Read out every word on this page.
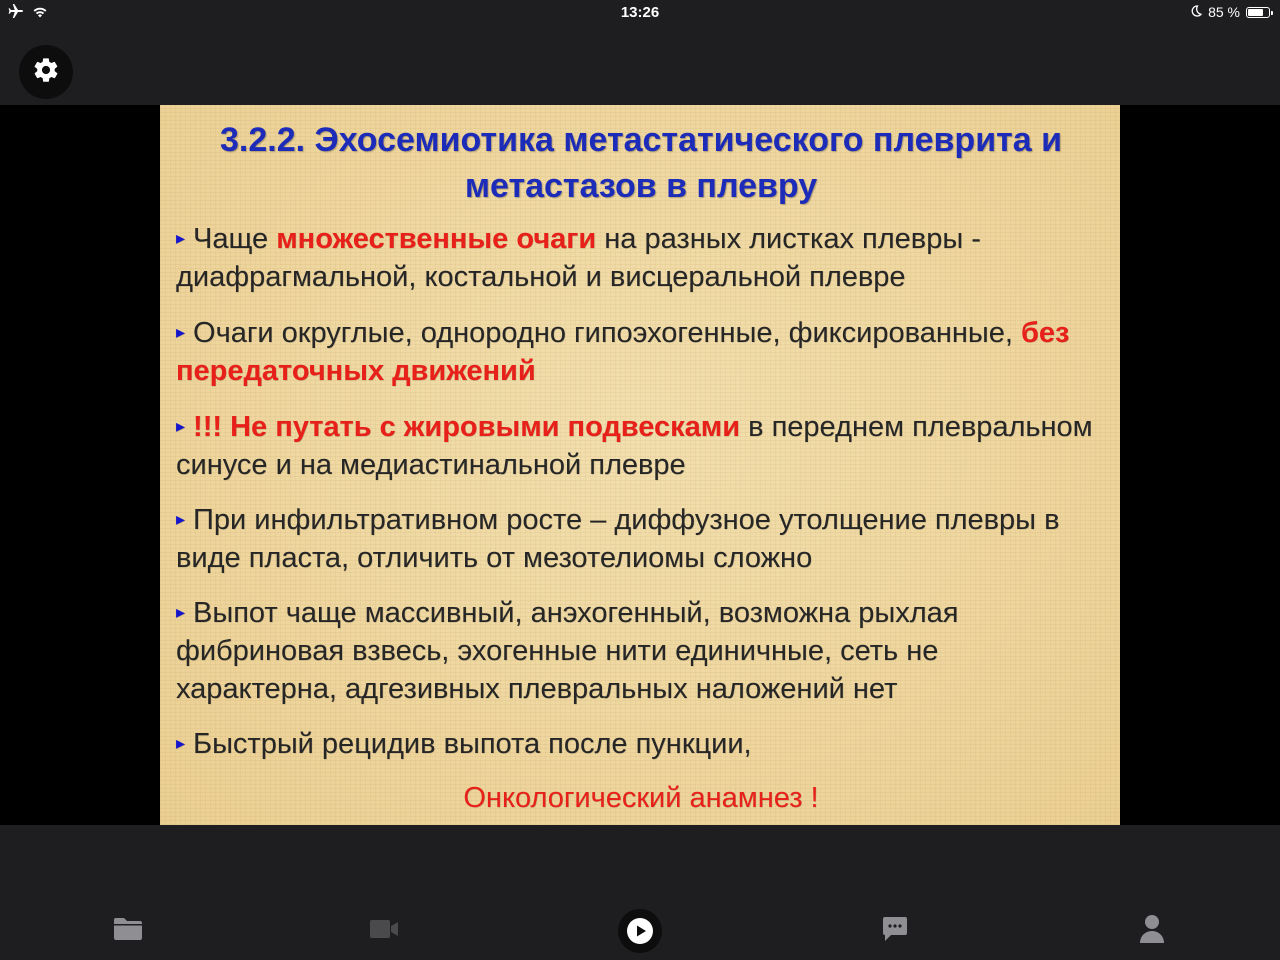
13:26	85 %
3.2.2. Эхосемиотика метастатического плеврита и
метастазов в плевру

▸ Чаще множественные очаги на разных листках плевры - диафрагмальной, костальной и висцеральной плевре

▸ Очаги округлые, однородно гипоэхогенные, фиксированные, без передаточных движений

▸ !!! Не путать с жировыми подвесками в переднем плевральном синусе и на медиастинальной плевре

▸ При инфильтративном росте – диффузное утолщение плевры в виде пласта, отличить от мезотелиомы сложно

▸ Выпот чаще массивный, анэхогенный, возможна рыхлая фибриновая взвесь, эхогенные нити единичные, сеть не характерна, адгезивных плевральных наложений нет

▸ Быстрый рецидив выпота после пункции,

Онкологический анамнез !
